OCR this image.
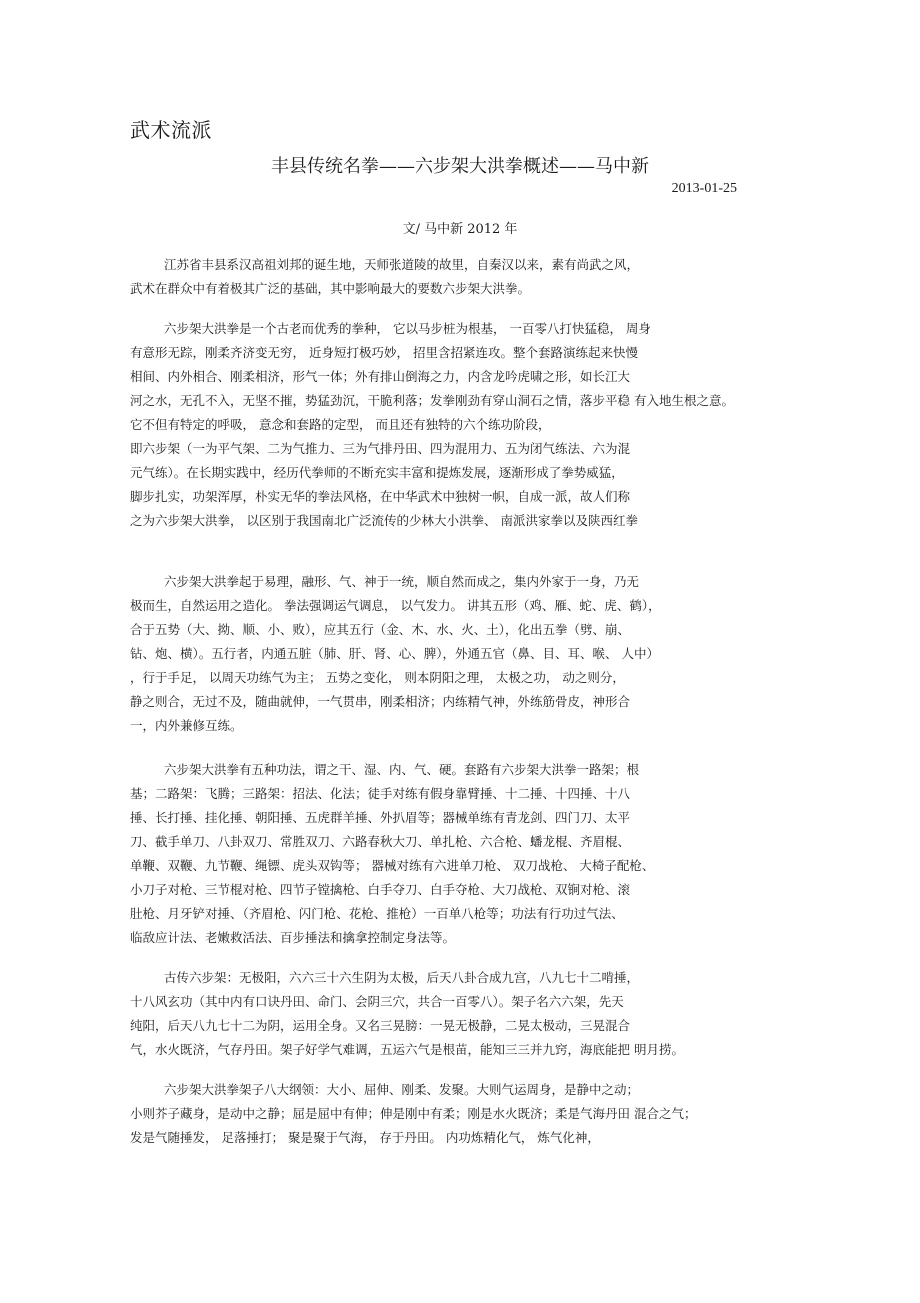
武术流派
丰县传统名拳——六步架大洪拳概述——马中新
2013-01-25
文/ 马中新 2012 年
江苏省丰县系汉高祖刘邦的诞生地，天师张道陵的故里，自秦汉以来，素有尚武之风，
武术在群众中有着极其广泛的基础，其中影响最大的要数六步架大洪拳。
六步架大洪拳是一个古老而优秀的拳种， 它以马步桩为根基， 一百零八打快猛稳， 周身
有意形无踪，刚柔齐济变无穷， 近身短打极巧妙， 招里含招紧连攻。整个套路演练起来快慢
相间、内外相合、刚柔相济，形气一体；外有排山倒海之力，内含龙吟虎啸之形，如长江大
河之水，无孔不入，无坚不摧，势猛劲沉，干脆利落；发拳刚劲有穿山洞石之情，落步平稳 有入地生根之意。
它不但有特定的呼吸， 意念和套路的定型， 而且还有独特的六个练功阶段，
即六步架（一为平气架、二为气推力、三为气排丹田、四为混用力、五为闭气练法、六为混
元气练）。在长期实践中，经历代拳师的不断充实丰富和提炼发展，逐渐形成了拳势威猛，
脚步扎实，功架浑厚，朴实无华的拳法风格，在中华武术中独树一帜，自成一派，故人们称
之为六步架大洪拳， 以区别于我国南北广泛流传的少林大小洪拳、 南派洪家拳以及陕西红拳
六步架大洪拳起于易理，融形、气、神于一统，顺自然而成之，集内外家于一身，乃无
极而生，自然运用之造化。 拳法强调运气调息， 以气发力。 讲其五形（鸡、雁、蛇、虎、鹤），
合于五势（大、拗、顺、小、败），应其五行（金、木、水、火、土），化出五拳（劈、崩、
钻、炮、横）。五行者，内通五脏（肺、肝、肾、心、脾），外通五官（鼻、目、耳、喉、 人中）
，行于手足， 以周天功练气为主； 五势之变化， 则本阴阳之理， 太极之功， 动之则分，
静之则合，无过不及，随曲就伸，一气贯串，刚柔相济；内练精气神，外练筋骨皮，神形合
一，内外兼修互练。
六步架大洪拳有五种功法，谓之干、湿、内、气、硬。套路有六步架大洪拳一路架；根
基；二路架：飞腾；三路架：招法、化法；徒手对练有假身靠臂捶、十二捶、十四捶、十八
捶、长打捶、挂化捶、朝阳捶、五虎群羊捶、外扒眉等；器械单练有青龙剑、四门刀、太平
刀、截手单刀、八卦双刀、常胜双刀、六路春秋大刀、单扎枪、六合枪、蟠龙棍、齐眉棍、
单鞭、双鞭、九节鞭、绳镖、虎头双钩等； 器械对练有六进单刀枪、 双刀战枪、 大椅子配枪、
小刀子对枪、三节棍对枪、四节子镗擒枪、白手夺刀、白手夺枪、大刀战枪、双锏对枪、滚
肚枪、月牙铲对捶、（齐眉枪、闪门枪、花枪、推枪）一百单八枪等；功法有行功过气法、
临敌应计法、老嫩救活法、百步捶法和擒拿控制定身法等。
古传六步架：无极阳，六六三十六生阴为太极，后天八卦合成九宫，八九七十二啃捶，
十八风玄功（其中内有口诀丹田、命门、会阴三穴，共合一百零八）。架子名六六架，先天
纯阳，后天八九七十二为阴，运用全身。又名三晃膀：一晃无极静，二晃太极动，三晃混合
气，水火既济，气存丹田。架子好学气难调，五运六气是根苗，能知三三并九窍，海底能把 明月捞。
六步架大洪拳架子八大纲领：大小、屈伸、刚柔、发聚。大则气运周身，是静中之动；
小则芥子藏身，是动中之静；屈是屈中有伸；伸是刚中有柔；刚是水火既济；柔是气海丹田 混合之气；
发是气随捶发， 足落捶打； 聚是聚于气海， 存于丹田。 内功炼精化气， 炼气化神，
